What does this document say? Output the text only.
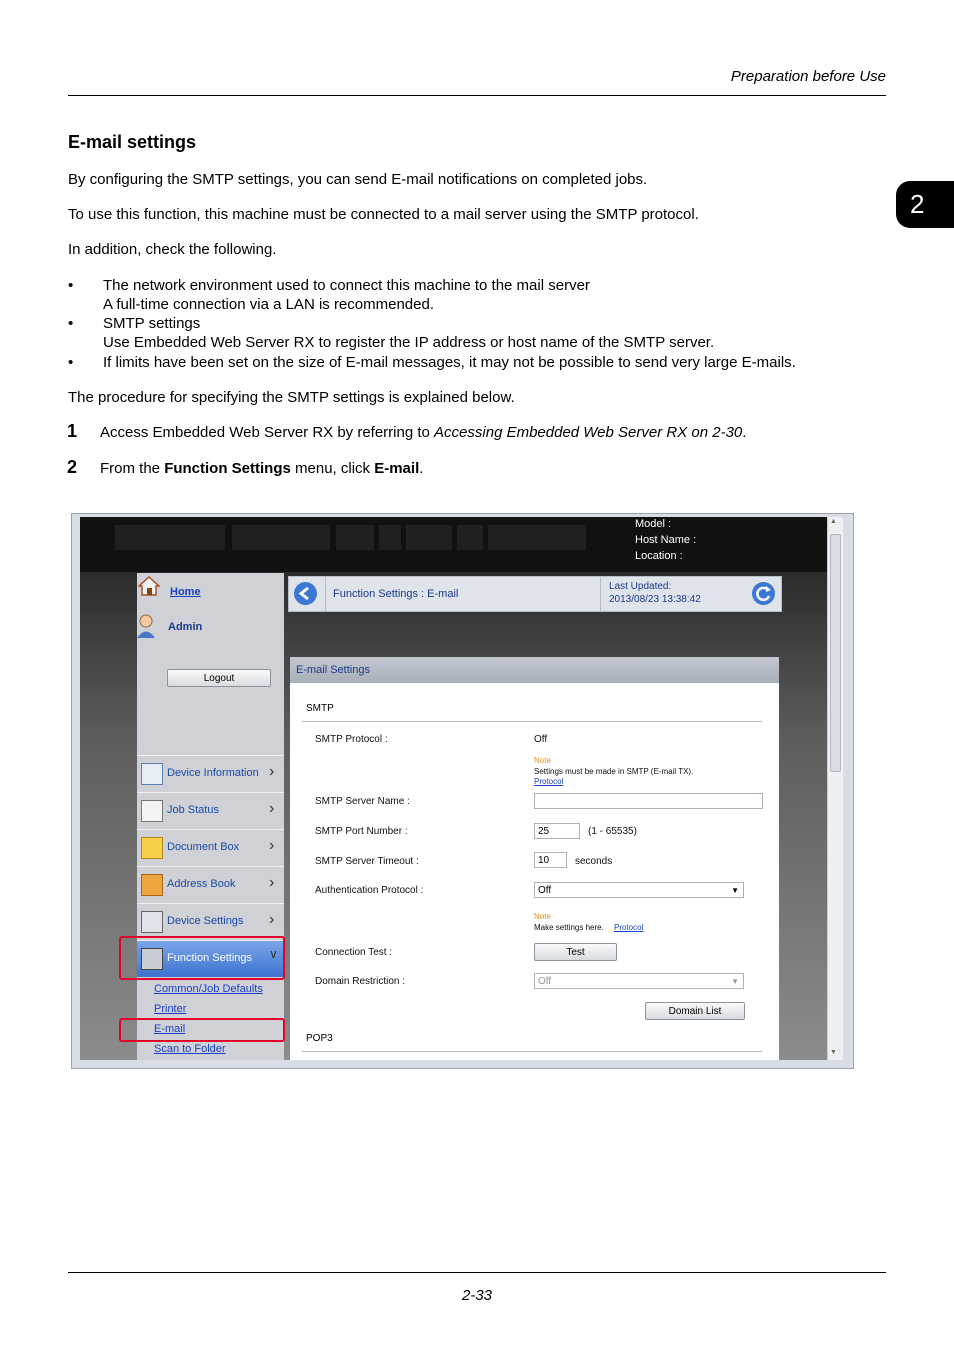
Preparation before Use
2
E-mail settings
By configuring the SMTP settings, you can send E-mail notifications on completed jobs.
To use this function, this machine must be connected to a mail server using the SMTP protocol.
In addition, check the following.
• The network environment used to connect this machine to the mail server
A full-time connection via a LAN is recommended.
• SMTP settings
Use Embedded Web Server RX to register the IP address or host name of the SMTP server.
• If limits have been set on the size of E-mail messages, it may not be possible to send very large E-mails.
The procedure for specifying the SMTP settings is explained below.
1 Access Embedded Web Server RX by referring to Accessing Embedded Web Server RX on 2-30.
2 From the Function Settings menu, click E-mail.
Model :
Host Name :
Location :
Home
Admin
Logout
Device Information ›
Job Status	›
Document Box ›
Address Book ›
Device Settings ›
Function Settings ∨
Common/Job Defaults
Printer
E-mail
Scan to Folder
Function Settings : E-mail
Last Updated:
2013/08/23 13:38:42
E-mail Settings
SMTP
SMTP Protocol :	Off
Note
Settings must be made in SMTP (E-mail TX).
Protocol
SMTP Server Name :
SMTP Port Number :	25	(1 - 65535)
SMTP Server Timeout :	10	seconds
Authentication Protocol :	Off	▼
Note
Make settings here. Protocol
Connection Test :	Test
Domain Restriction :	Off	▼
Domain List
POP3
▲
▼
2-33
